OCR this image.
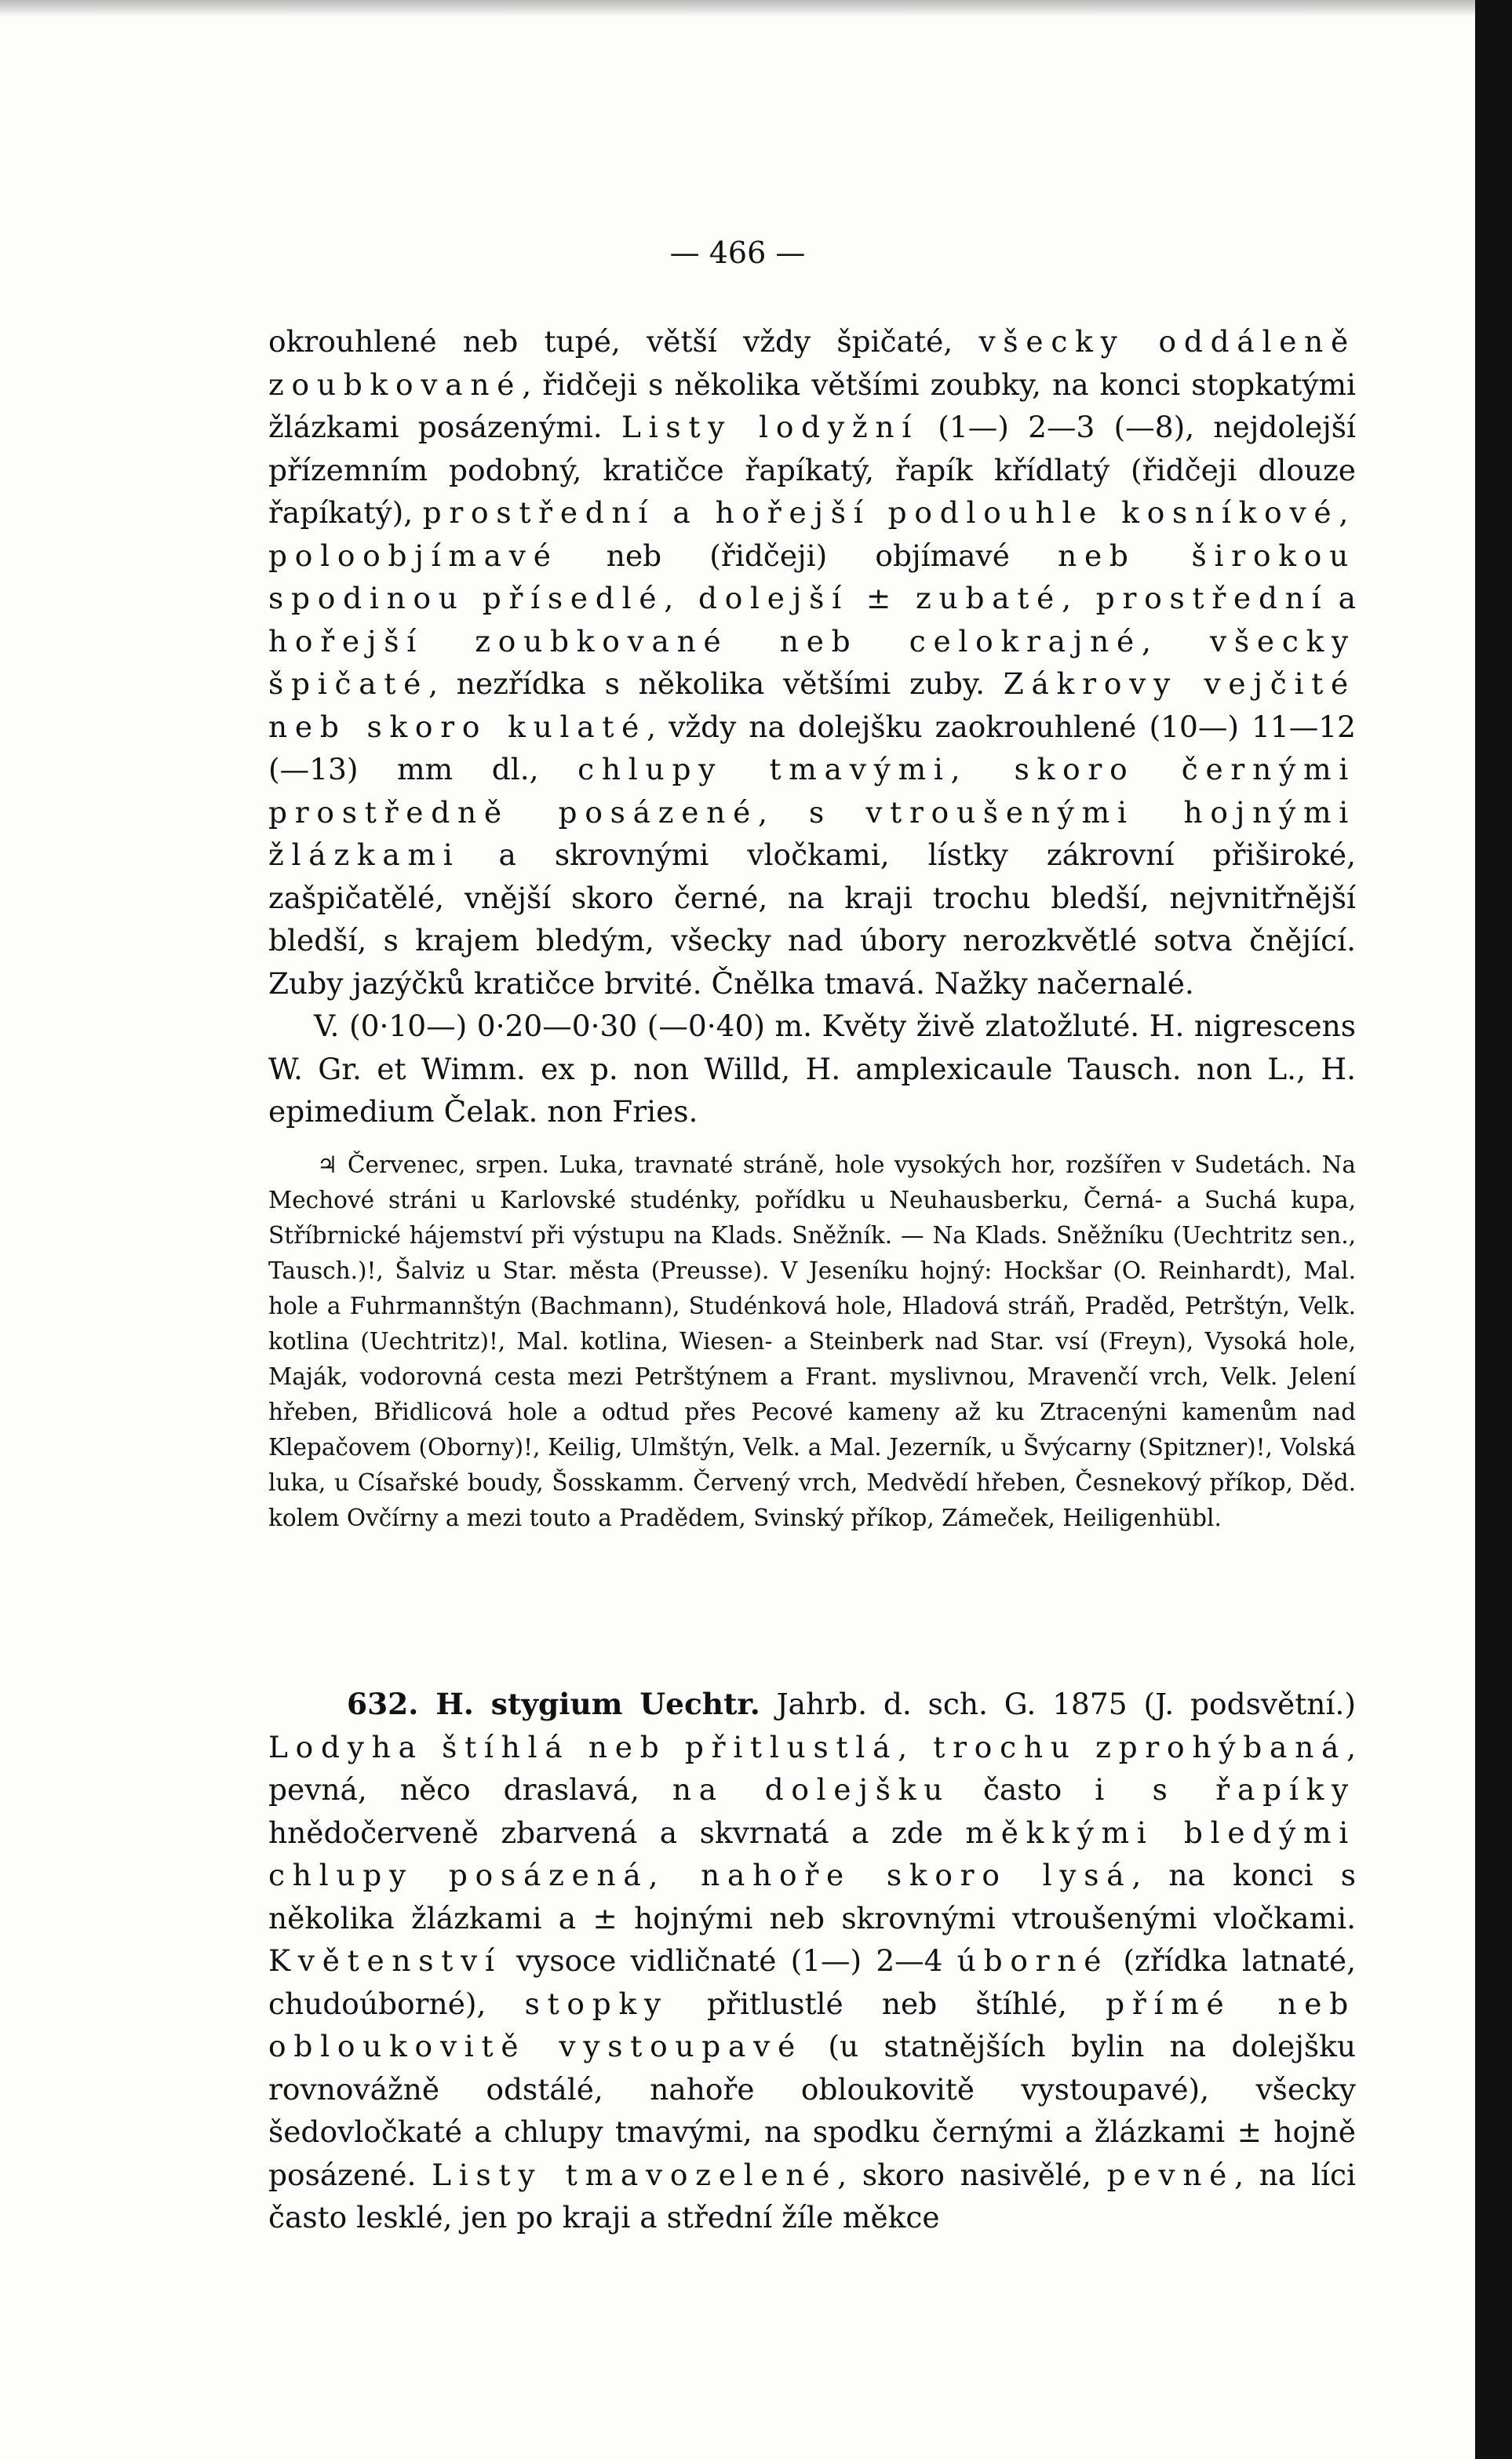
— 466 —

okrouhlené neb tupé, větší vždy špičaté, všecky oddáleně zoubkované, řidčeji s několika většími zoubky, na konci stopkatými žlázkami posázenými. Listy lodyžní (1—) 2—3 (—8), nejdolejší přízemním podobný, kratičce řapíkatý, řapík křídlatý (řidčeji dlouze řapíkatý), prostřední a hořejší podlouhle kosníkové, poloobjímavé neb (řidčeji) objímavé neb širokou spodinou přísedlé, dolejší ± zubaté, prostřední a hořejší zoubkované neb celokrajné, všecky špičaté, nezřídka s několika většími zuby. Zákrovy vejčité neb skoro kulaté, vždy na dolejšku zaokrouhlené (10—) 11—12 (—13) mm dl., chlupy tmavými, skoro černými prostředně posázené, s vtroušenými hojnými žlázkami a skrovnými vločkami, lístky zákrovní přiširoké, zašpičatělé, vnější skoro černé, na kraji trochu bledší, nejvnitřnější bledší, s krajem bledým, všecky nad úbory nerozkvětlé sotva čnějící. Zuby jazýčků kratičce brvité. Čnělka tmavá. Nažky načernalé.

V. (0·10—) 0·20—0·30 (—0·40) m. Květy živě zlatožluté. H. nigrescens W. Gr. et Wimm. ex p. non Willd, H. amplexicaule Tausch. non L., H. epimedium Čelak. non Fries.

♃ Červenec, srpen. Luka, travnaté stráně, hole vysokých hor, rozšířen v Sudetách. Na Mechové stráni u Karlovské studénky, pořídku u Neuhausberku, Černá- a Suchá kupa, Stříbrnické hájemství při výstupu na Klads. Sněžník. — Na Klads. Sněžníku (Uechtritz sen., Tausch.)!, Šalviz u Star. města (Preusse). V Jeseníku hojný: Hockšar (O. Reinhardt), Mal. hole a Fuhrmannštýn (Bachmann), Studénková hole, Hladová stráň, Praděd, Petrštýn, Velk. kotlina (Uechtritz)!, Mal. kotlina, Wiesen- a Steinberk nad Star. vsí (Freyn), Vysoká hole, Maják, vodorovná cesta mezi Petrštýnem a Frant. myslivnou, Mravenčí vrch, Velk. Jelení hřeben, Břidlicová hole a odtud přes Pecové kameny až ku Ztracenýni kamenům nad Klepačovem (Oborny)!, Keilig, Ulmštýn, Velk. a Mal. Jezerník, u Švýcarny (Spitzner)!, Volská luka, u Císařské boudy, Šosskamm. Červený vrch, Medvědí hřeben, Česnekový příkop, Děd. kolem Ovčírny a mezi touto a Pradědem, Svinský příkop, Zámeček, Heiligenhübl.

632. H. stygium Uechtr. Jahrb. d. sch. G. 1875 (J. podsvětní.) Lodyha štíhlá neb přitlustlá, trochu zprohýbaná, pevná, něco draslavá, na dolejšku často i s řapíky hnědočerveně zbarvená a skvrnatá a zde měkkými bledými chlupy posázená, nahoře skoro lysá, na konci s několika žlázkami a ± hojnými neb skrovnými vtroušenými vločkami. Květenství vysoce vidličnaté (1—) 2—4 úborné (zřídka latnaté, chudoúborné), stopky přitlustlé neb štíhlé, přímé neb obloukovitě vystoupavé (u statnějších bylin na dolejšku rovnovážně odstálé, nahoře obloukovitě vystoupavé), všecky šedovločkaté a chlupy tmavými, na spodku černými a žlázkami ± hojně posázené. Listy tmavozelené, skoro nasivělé, pevné, na líci často lesklé, jen po kraji a střední žíle měkce
